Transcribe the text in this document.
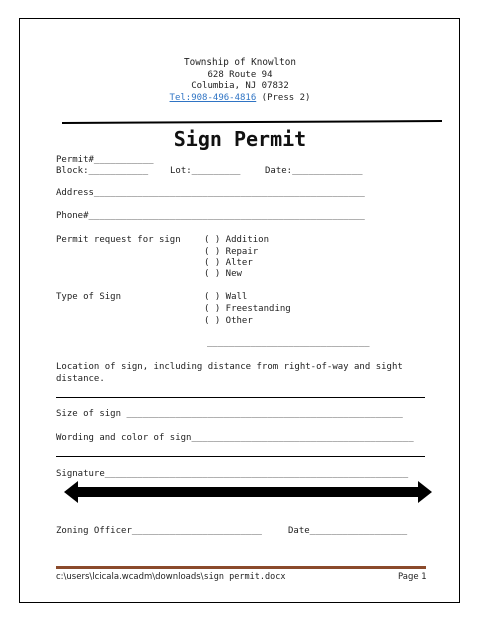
Township of Knowlton
628 Route 94
Columbia, NJ 07832
Tel:908-496-4816 (Press 2)
Sign Permit
Permit#___________
Block:___________ Lot:_________	Date:_____________
Address__________________________________________________
Phone#___________________________________________________
Permit request for sign	( ) Addition
( ) Repair
( ) Alter
( ) New
Type of Sign	( ) Wall
( ) Freestanding
( ) Other
______________________________
Location of sign, including distance from right-of-way and sight
distance.
Size of sign ___________________________________________________
Wording and color of sign_________________________________________
Signature________________________________________________________
Zoning Officer________________________	Date__________________
c:\users\lcicala.wcadm\downloads\sign permit.docx	Page 1
